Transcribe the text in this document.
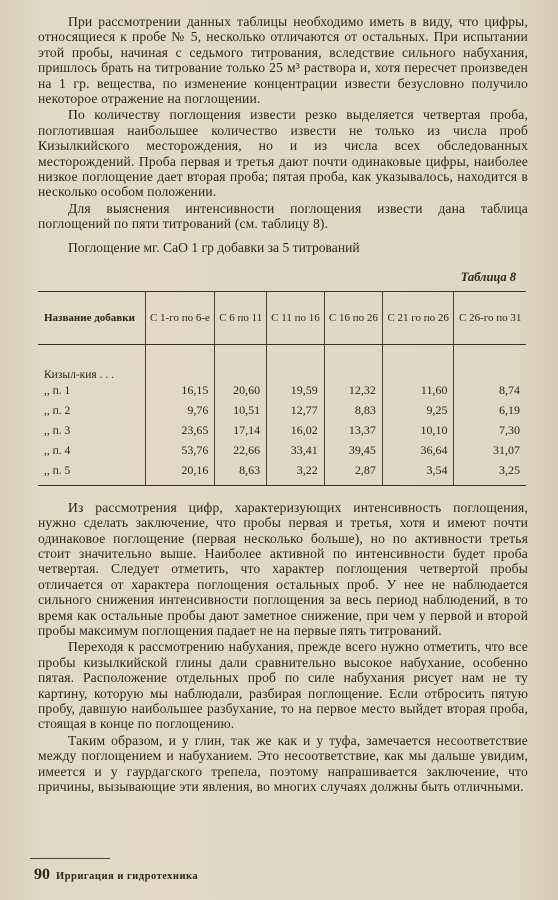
При рассмотрении данных таблицы необходимо иметь в виду, что цифры, относящиеся к пробе № 5, несколько отличаются от остальных. При испытании этой пробы, начиная с седьмого титрования, вследствие сильного набухания, пришлось брать на титрование только 25 м³ раствора и, хотя пересчет произведен на 1 гр. вещества, по изменение концентрации извести безусловно получило некоторое отражение на поглощении.

По количеству поглощения извести резко выделяется четвертая проба, поглотившая наибольшее количество извести не только из числа проб Кизылкийского месторождения, но и из числа всех обследованных месторождений. Проба первая и третья дают почти одинаковые цифры, наиболее низкое поглощение дает вторая проба; пятая проба, как указывалось, находится в несколько особом положении.

Для выяснения интенсивности поглощения извести дана таблица поглощений по пяти титрований (см. таблицу 8).

Поглощение мг. СаО 1 гр добавки за 5 титрований

Таблица 8
Название добавки	С 1-го по 6-е	С 6 по 11	С 11 по 16	С 16 по 26	С 21 го по 26	С 26-го по 31
Кизыл-кия . . .						
,, п. 1	16,15	20,60	19,59	12,32	11,60	8,74
,, п. 2	9,76	10,51	12,77	8,83	9,25	6,19
,, п. 3	23,65	17,14	16,02	13,37	10,10	7,30
,, п. 4	53,76	22,66	33,41	39,45	36,64	31,07
,, п. 5	20,16	8,63	3,22	2,87	3,54	3,25

Из рассмотрения цифр, характеризующих интенсивность поглощения, нужно сделать заключение, что пробы первая и третья, хотя и имеют почти одинаковое поглощение (первая несколько больше), но по активности третья стоит значительно выше. Наиболее активной по интенсивности будет проба четвертая. Следует отметить, что характер поглощения четвертой пробы отличается от характера поглощения остальных проб. У нее не наблюдается сильного снижения интенсивности поглощения за весь период наблюдений, в то время как остальные пробы дают заметное снижение, при чем у первой и второй пробы максимум поглощения падает не на первые пять титрований.

Переходя к рассмотрению набухания, прежде всего нужно отметить, что все пробы кизылкийской глины дали сравнительно высокое набухание, особенно пятая. Расположение отдельных проб по силе набухания рисует нам не ту картину, которую мы наблюдали, разбирая поглощение. Если отбросить пятую пробу, давшую наибольшее разбухание, то на первое место выйдет вторая проба, стоящая в конце по поглощению.

Таким образом, и у глин, так же как и у туфа, замечается несоответствие между поглощением и набуханием. Это несоответствие, как мы дальше увидим, имеется и у гаурдагского трепела, поэтому напрашивается заключение, что причины, вызывающие эти явления, во многих случаях должны быть отличными.

90 Ирригация и гидротехника
